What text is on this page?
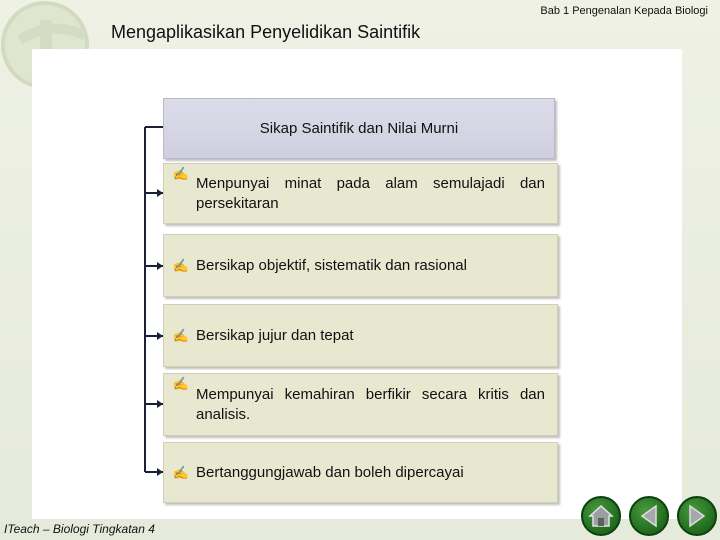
Mengaplikasikan Penyelidikan Saintifik
Bab 1 Pengenalan Kepada Biologi
Sikap Saintifik dan Nilai Murni
✍
Menpunyai minat pada alam semulajadi dan persekitaran
✍ Bersikap objektif, sistematik dan rasional
✍ Bersikap jujur dan tepat
✍
Mempunyai kemahiran berfikir secara kritis dan analisis.
✍ Bertanggungjawab dan boleh dipercayai
ITeach – Biologi Tingkatan 4
